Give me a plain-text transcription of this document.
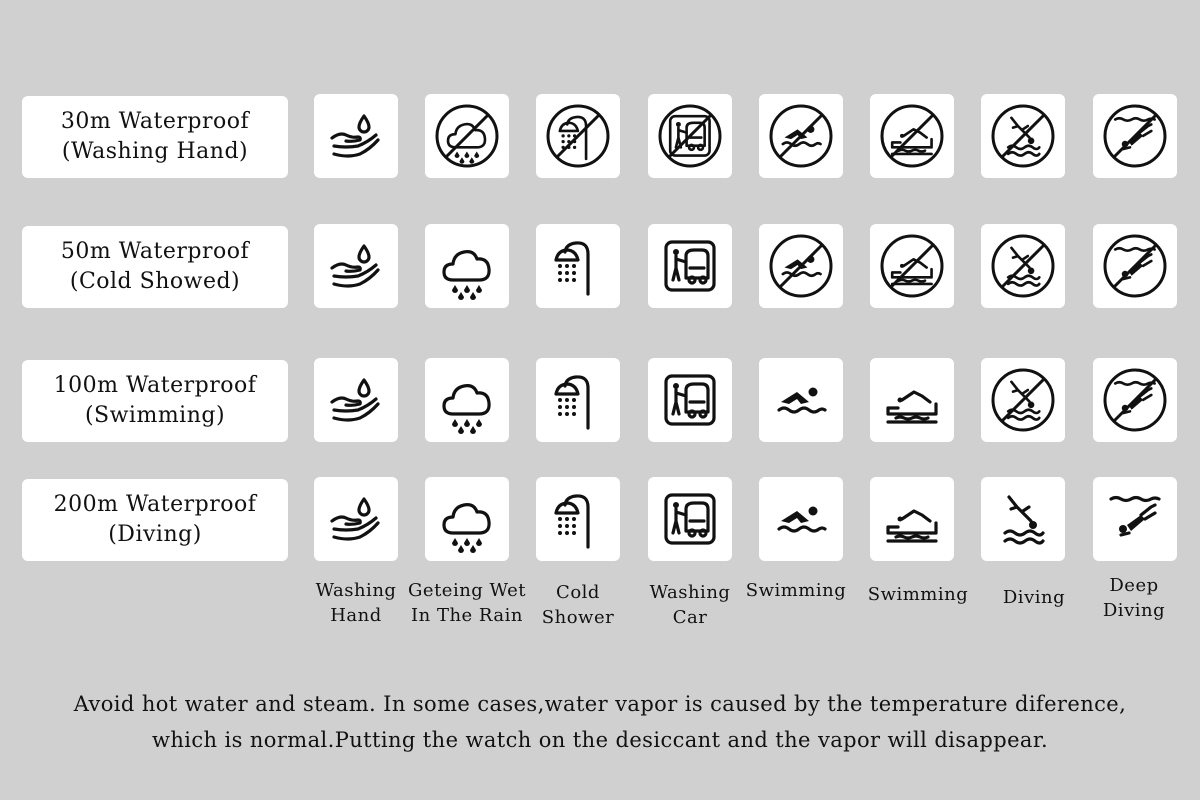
30m Waterproof
(Washing Hand)
50m Waterproof
(Cold Showed)
100m Waterproof
(Swimming)
200m Waterproof
(Diving)
Washing
Hand
Geteing Wet
In The Rain
Cold
Shower
Washing
Car
Swimming	Swimming	Diving
Deep
Diving
Avoid hot water and steam. In some cases,water vapor is caused by the temperature diference,
which is normal.Putting the watch on the desiccant and the vapor will disappear.
